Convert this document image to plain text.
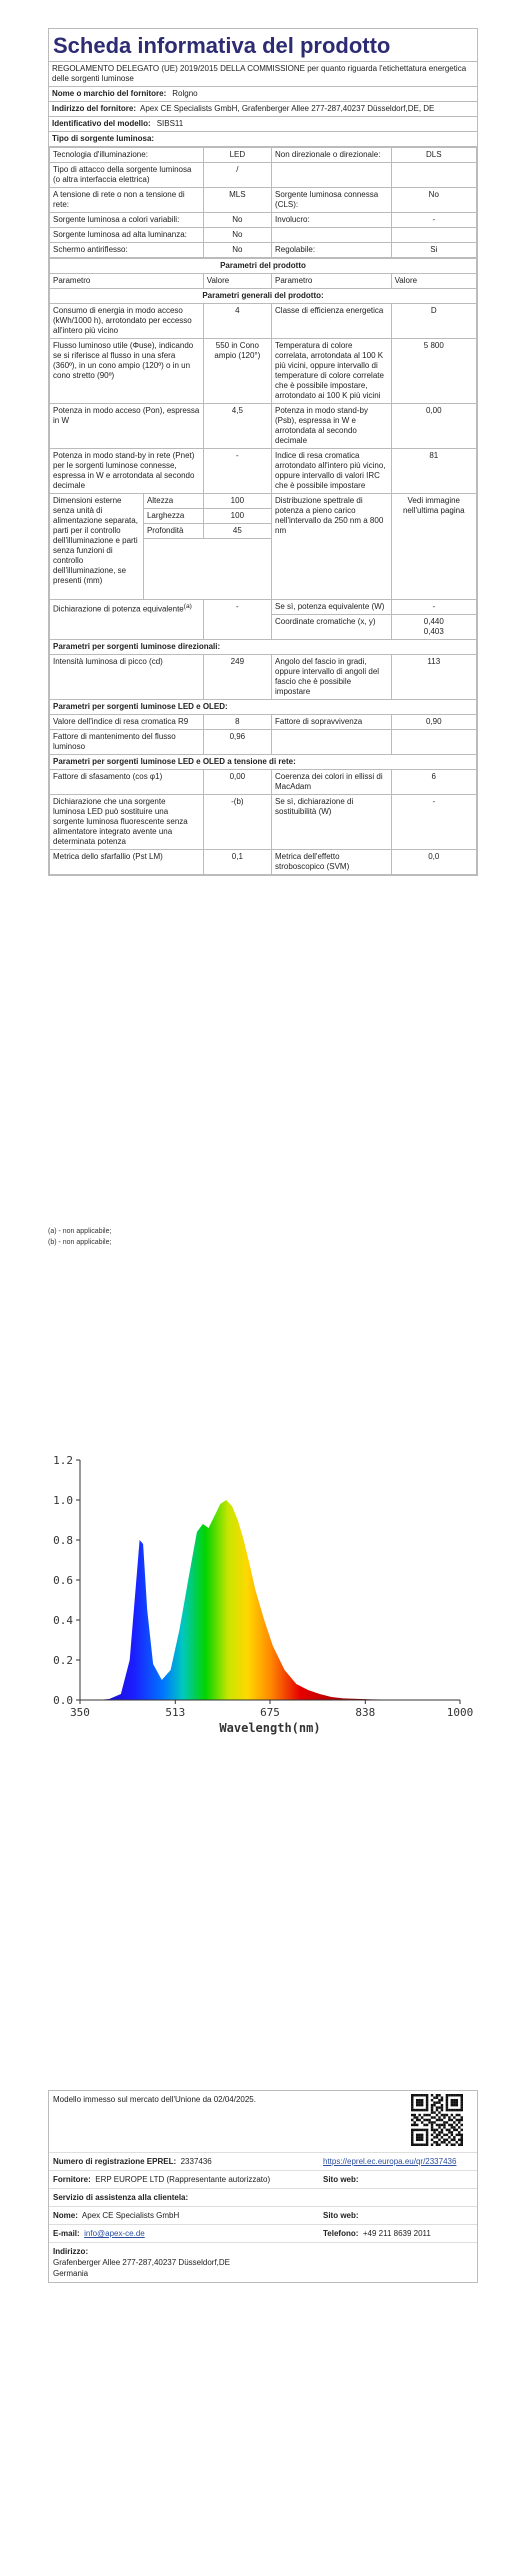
Scheda informativa del prodotto
REGOLAMENTO DELEGATO (UE) 2019/2015 DELLA COMMISSIONE per quanto riguarda l'etichettatura energetica delle sorgenti luminose
Nome o marchio del fornitore: Rolgno
Indirizzo del fornitore: Apex CE Specialists GmbH, Grafenberger Allee 277-287,40237 Düsseldorf,DE, DE
Identificativo del modello: SIBS11
Tipo di sorgente luminosa:
Tecnologia d'illuminazione:	LED	Non direzionale o direzionale:	DLS
Tipo di attacco della sorgente luminosa (o altra interfaccia elettrica)	/		
A tensione di rete o non a tensione di rete:	MLS	Sorgente luminosa connessa (CLS):	No
Sorgente luminosa a colori variabili:	No	Involucro:	-
Sorgente luminosa ad alta luminanza:	No		
Schermo antiriflesso:	No	Regolabile:	Si
Parametri del prodotto				
Parametro		Valore	Parametro	Valore
Parametri generali del prodotto:				
Consumo di energia in modo acceso (kWh/1000 h), arrotondato per eccesso all'intero più vicino		4	Classe di efficienza energetica	D
Flusso luminoso utile (Φuse), indicando se si riferisce al flusso in una sfera (360º), in un cono ampio (120º) o in un cono stretto (90º)		550 in Cono ampio (120°)	Temperatura di colore correlata, arrotondata al 100 K più vicini, oppure intervallo di temperature di colore correlate che è possibile impostare, arrotondato ai 100 K più vicini	5 800
Potenza in modo acceso (Pon), espressa in W		4,5	Potenza in modo stand-by (Psb), espressa in W e arrotondata al secondo decimale	0,00
Potenza in modo stand-by in rete (Pnet) per le sorgenti luminose connesse, espressa in W e arrotondata al secondo decimale		-	Indice di resa cromatica arrotondato all'intero più vicino, oppure intervallo di valori IRC che è possibile impostare	81
Dimensioni esterne senza unità di alimentazione separata, parti per il controllo dell'illuminazione e parti senza funzioni di controllo dell'illuminazione, se presenti (mm)	Altezza	100	Distribuzione spettrale di potenza a pieno carico nell'intervallo da 250 nm a 800 nm	Vedi immagine nell'ultima pagina
	Larghezza	100		
	Profondità	45		

Dichiarazione di potenza equivalente$^{(a)}$		-	Se sì, potenza equivalente (W)	-
			Coordinate cromatiche (x, y)	0,440
0,403

Parametri per sorgenti luminose direzionali:				
Intensità luminosa di picco (cd)		249	Angolo del fascio in gradi, oppure intervallo di angoli del fascio che è possibile impostare	113
Parametri per sorgenti luminose LED e OLED:				
Valore dell'indice di resa cromatica R9		8	Fattore di sopravvivenza	0,90
Fattore di mantenimento del flusso luminoso		0,96		
Parametri per sorgenti luminose LED e OLED a tensione di rete:				
Fattore di sfasamento (cos φ1)		0,00	Coerenza dei colori in ellissi di MacAdam	6
Dichiarazione che una sorgente luminosa LED può sostituire una sorgente luminosa fluorescente senza alimentatore integrato avente una determinata potenza		-(b)	Se sì, dichiarazione di sostituibilità (W)	-
Metrica dello sfarfallio (Pst LM)		0,1	Metrica dell'effetto stroboscopico (SVM)	0,0
(a) - non applicabile;
(b) - non applicabile;
350	513	675	838	1000
0.0
0.2
0.4
0.6
0.8
1.0
1.2
Wavelength(nm)
Modello immesso sul mercato dell'Unione da 02/04/2025.
Numero di registrazione EPREL: 2337436	https://eprel.ec.europa.eu/qr/2337436
Fornitore: ERP EUROPE LTD (Rappresentante autorizzato)	Sito web:
Servizio di assistenza alla clientela:
Nome: Apex CE Specialists GmbH	Sito web:
E-mail: info@apex-ce.de	Telefono: +49 211 8639 2011
Indirizzo:
Grafenberger Allee 277-287,40237 Düsseldorf,DE
Germania
